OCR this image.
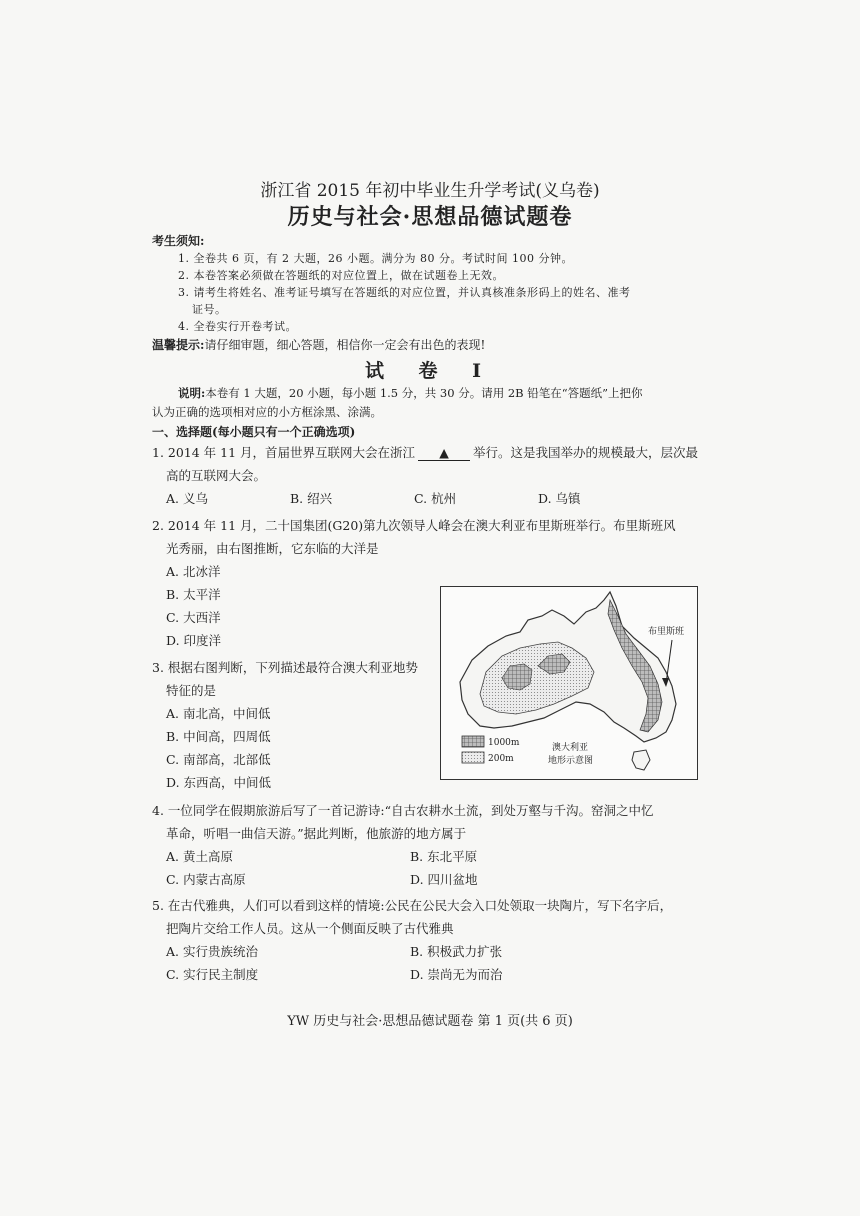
浙江省 2015 年初中毕业生升学考试(义乌卷)
历史与社会·思想品德试题卷
考生须知:
1. 全卷共 6 页，有 2 大题，26 小题。满分为 80 分。考试时间 100 分钟。
2. 本卷答案必须做在答题纸的对应位置上，做在试题卷上无效。
3. 请考生将姓名、准考证号填写在答题纸的对应位置，并认真核准条形码上的姓名、准考
证号。
4. 全卷实行开卷考试。
温馨提示:请仔细审题，细心答题，相信你一定会有出色的表现!
试 卷 Ⅰ
说明:本卷有 1 大题，20 小题，每小题 1.5 分，共 30 分。请用 2B 铅笔在“答题纸”上把你
认为正确的选项相对应的小方框涂黑、涂满。
一、选择题(每小题只有一个正确选项)
1. 2014 年 11 月，首届世界互联网大会在浙江 ▲ 举行。这是我国举办的规模最大，层次最
高的互联网大会。
A. 义乌	B. 绍兴	C. 杭州	D. 乌镇
2. 2014 年 11 月，二十国集团(G20)第九次领导人峰会在澳大利亚布里斯班举行。布里斯班风
光秀丽，由右图推断，它东临的大洋是
A. 北冰洋
B. 太平洋
C. 大西洋
D. 印度洋
3. 根据右图判断，下列描述最符合澳大利亚地势
特征的是
A. 南北高，中间低
B. 中间高，四周低
C. 南部高，北部低
D. 东西高，中间低
布里斯班
1000m
200m
澳大利亚
地形示意图
4. 一位同学在假期旅游后写了一首记游诗:“自古农耕水土流，到处万壑与千沟。窑洞之中忆
革命，听唱一曲信天游。”据此判断，他旅游的地方属于
A. 黄土高原	B. 东北平原
C. 内蒙古高原	D. 四川盆地
5. 在古代雅典，人们可以看到这样的情境:公民在公民大会入口处领取一块陶片，写下名字后，
把陶片交给工作人员。这从一个侧面反映了古代雅典
A. 实行贵族统治	B. 积极武力扩张
C. 实行民主制度	D. 崇尚无为而治
YW 历史与社会·思想品德试题卷 第 1 页(共 6 页)
